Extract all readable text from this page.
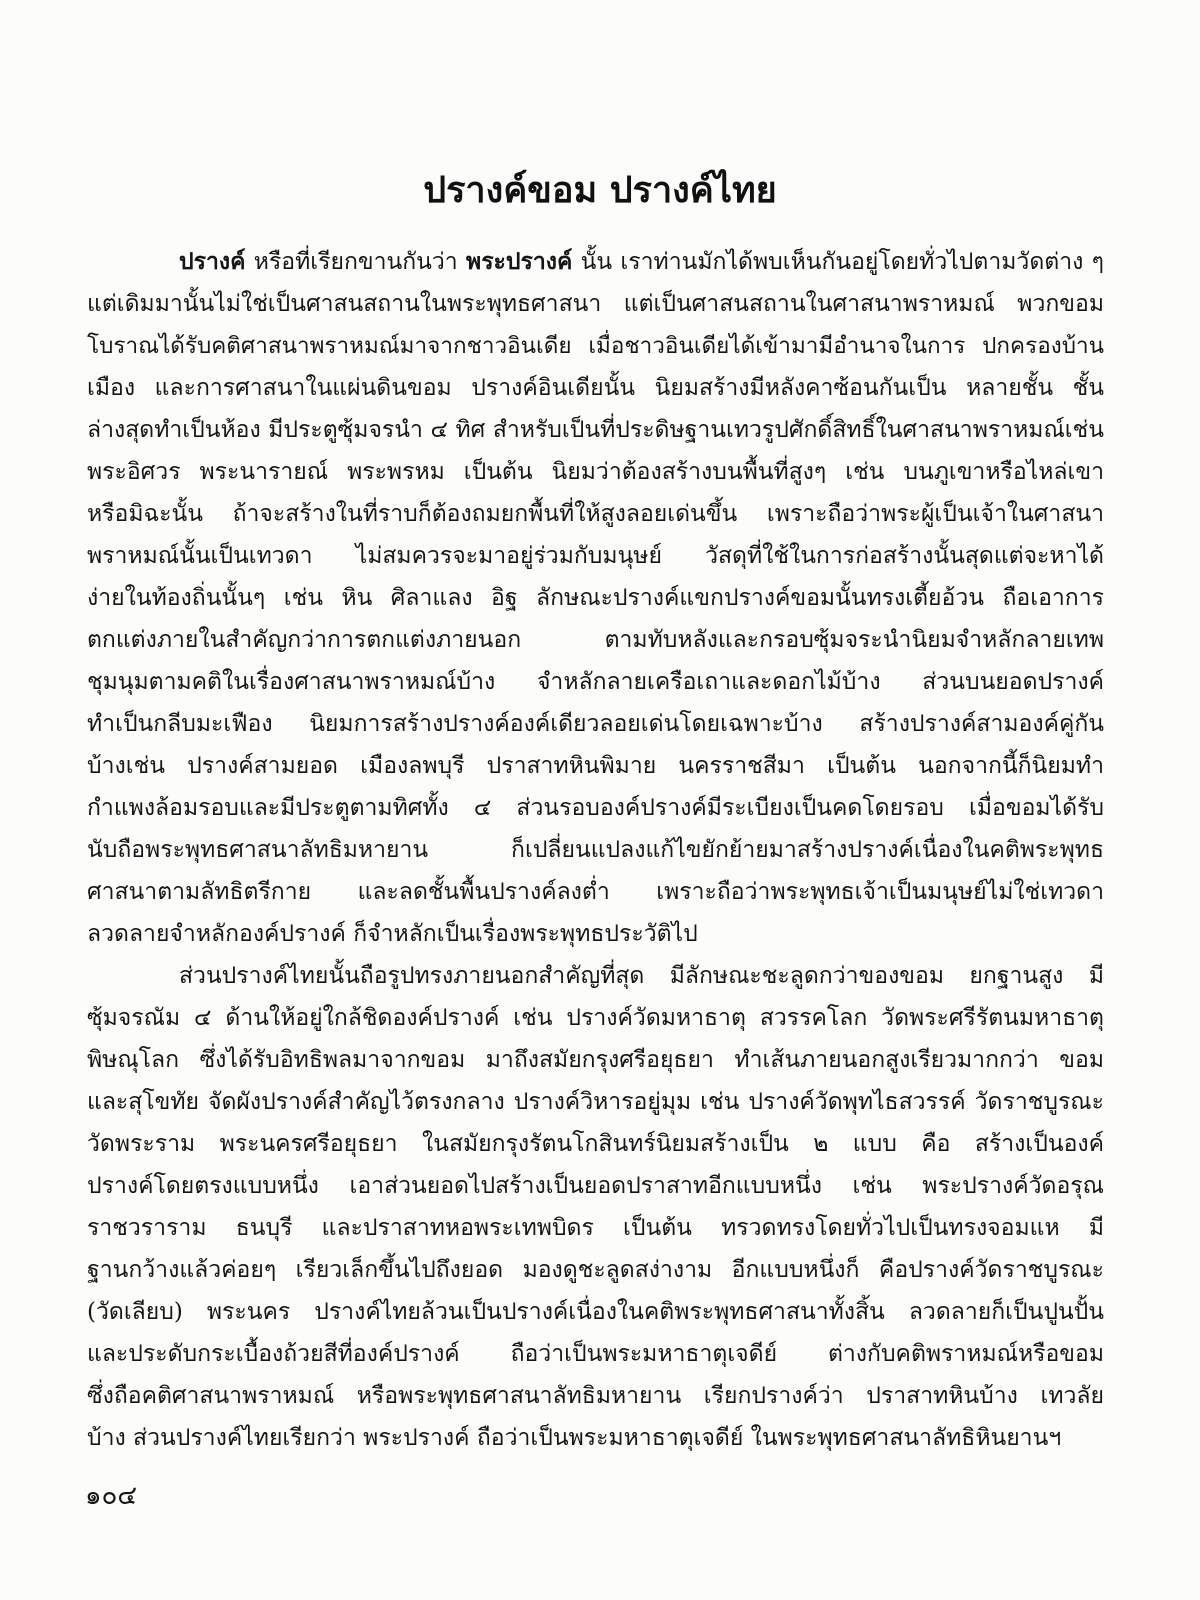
ปรางค์ขอม ปรางค์ไทย
ปรางค์ หรือที่เรียกขานกันว่า พระปรางค์ นั้น เราท่านมักได้พบเห็นกันอยู่โดยทั่วไปตามวัดต่าง ๆ
แต่เดิมมานั้นไม่ใช่เป็นศาสนสถานในพระพุทธศาสนา แต่เป็นศาสนสถานในศาสนาพราหมณ์ พวกขอม
โบราณได้รับคติศาสนาพราหมณ์มาจากชาวอินเดีย เมื่อชาวอินเดียได้เข้ามามีอำนาจในการ ปกครองบ้าน
เมือง และการศาสนาในแผ่นดินขอม ปรางค์อินเดียนั้น นิยมสร้างมีหลังคาซ้อนกันเป็น หลายชั้น ชั้น
ล่างสุดทำเป็นห้อง มีประตูซุ้มจรนำ ๔ ทิศ สำหรับเป็นที่ประดิษฐานเทวรูปศักดิ์สิทธิ์ในศาสนาพราหมณ์เช่น
พระอิศวร พระนารายณ์ พระพรหม เป็นต้น นิยมว่าต้องสร้างบนพื้นที่สูงๆ เช่น บนภูเขาหรือไหล่เขา
หรือมิฉะนั้น ถ้าจะสร้างในที่ราบก็ต้องถมยกพื้นที่ให้สูงลอยเด่นขึ้น เพราะถือว่าพระผู้เป็นเจ้าในศาสนา
พราหมณ์นั้นเป็นเทวดา ไม่สมควรจะมาอยู่ร่วมกับมนุษย์ วัสดุที่ใช้ในการก่อสร้างนั้นสุดแต่จะหาได้
ง่ายในท้องถิ่นนั้นๆ เช่น หิน ศิลาแลง อิฐ ลักษณะปรางค์แขกปรางค์ขอมนั้นทรงเตี้ยอ้วน ถือเอาการ
ตกแต่งภายในสำคัญกว่าการตกแต่งภายนอก ตามทับหลังและกรอบซุ้มจระนำนิยมจำหลักลายเทพ
ชุมนุมตามคติในเรื่องศาสนาพราหมณ์บ้าง จำหลักลายเครือเถาและดอกไม้บ้าง ส่วนบนยอดปรางค์
ทำเป็นกลีบมะเฟือง นิยมการสร้างปรางค์องค์เดียวลอยเด่นโดยเฉพาะบ้าง สร้างปรางค์สามองค์คู่กัน
บ้างเช่น ปรางค์สามยอด เมืองลพบุรี ปราสาทหินพิมาย นครราชสีมา เป็นต้น นอกจากนี้ก็นิยมทำ
กำแพงล้อมรอบและมีประตูตามทิศทั้ง ๔ ส่วนรอบองค์ปรางค์มีระเบียงเป็นคดโดยรอบ เมื่อขอมได้รับ
นับถือพระพุทธศาสนาลัทธิมหายาน ก็เปลี่ยนแปลงแก้ไขยักย้ายมาสร้างปรางค์เนื่องในคติพระพุทธ
ศาสนาตามลัทธิตรีกาย และลดชั้นพื้นปรางค์ลงต่ำ เพราะถือว่าพระพุทธเจ้าเป็นมนุษย์ไม่ใช่เทวดา
ลวดลายจำหลักองค์ปรางค์ ก็จำหลักเป็นเรื่องพระพุทธประวัติไป
ส่วนปรางค์ไทยนั้นถือรูปทรงภายนอกสำคัญที่สุด มีลักษณะชะลูดกว่าของขอม ยกฐานสูง มี
ซุ้มจรณัม ๔ ด้านให้อยู่ใกล้ชิดองค์ปรางค์ เช่น ปรางค์วัดมหาธาตุ สวรรคโลก วัดพระศรีรัตนมหาธาตุ
พิษณุโลก ซึ่งได้รับอิทธิพลมาจากขอม มาถึงสมัยกรุงศรีอยุธยา ทำเส้นภายนอกสูงเรียวมากกว่า ขอม
และสุโขทัย จัดผังปรางค์สำคัญไว้ตรงกลาง ปรางค์วิหารอยู่มุม เช่น ปรางค์วัดพุทไธสวรรค์ วัดราชบูรณะ
วัดพระราม พระนครศรีอยุธยา ในสมัยกรุงรัตนโกสินทร์นิยมสร้างเป็น ๒ แบบ คือ สร้างเป็นองค์
ปรางค์โดยตรงแบบหนึ่ง เอาส่วนยอดไปสร้างเป็นยอดปราสาทอีกแบบหนึ่ง เช่น พระปรางค์วัดอรุณ
ราชวราราม ธนบุรี และปราสาทหอพระเทพบิดร เป็นต้น ทรวดทรงโดยทั่วไปเป็นทรงจอมแห มี
ฐานกว้างแล้วค่อยๆ เรียวเล็กขึ้นไปถึงยอด มองดูชะลูดสง่างาม อีกแบบหนึ่งก็ คือปรางค์วัดราชบูรณะ
(วัดเลียบ) พระนคร ปรางค์ไทยล้วนเป็นปรางค์เนื่องในคติพระพุทธศาสนาทั้งสิ้น ลวดลายก็เป็นปูนปั้น
และประดับกระเบื้องถ้วยสีที่องค์ปรางค์ ถือว่าเป็นพระมหาธาตุเจดีย์ ต่างกับคติพราหมณ์หรือขอม
ซึ่งถือคติศาสนาพราหมณ์ หรือพระพุทธศาสนาลัทธิมหายาน เรียกปรางค์ว่า ปราสาทหินบ้าง เทวลัย
บ้าง ส่วนปรางค์ไทยเรียกว่า พระปรางค์ ถือว่าเป็นพระมหาธาตุเจดีย์ ในพระพุทธศาสนาลัทธิหินยานฯ
๑๐๔
